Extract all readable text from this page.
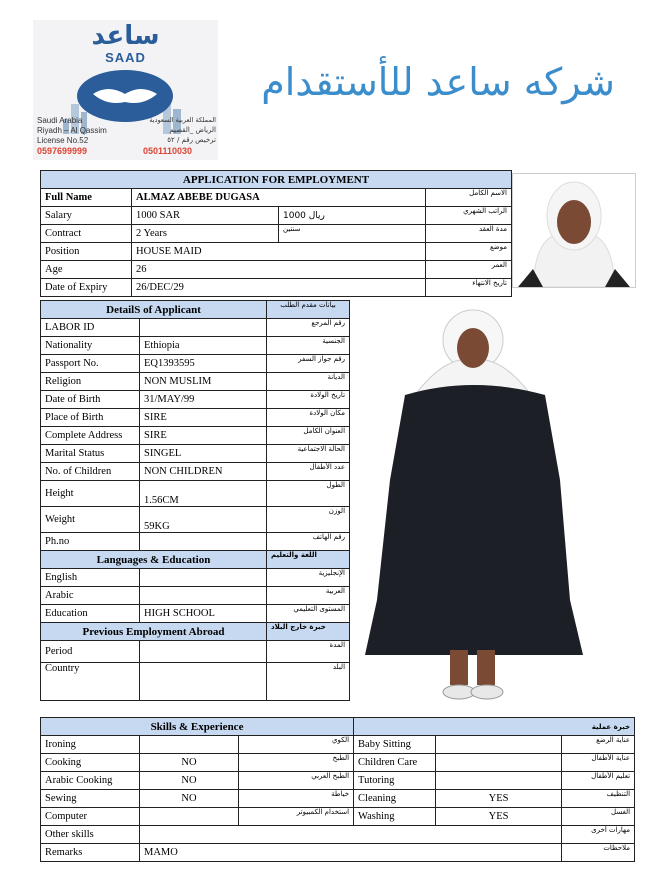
ساعد
SAAD
Saudi Arabia	المملكة العربية السعودية
Riyadh – Al Qassim	الرياض _القصيم
License No.52	ترخيص رقم / ٥٢
0597699999	0501110030
شركه ساعد للأستقدام
APPLICATION FOR EMPLOYMENT			
Full Name	ALMAZ ABEBE DUGASA		الاسم الكامل
Salary	1000 SAR	1000 ريال	الراتب الشهري
Contract	2 Years	سنتين	مدة العقد
Position	HOUSE MAID		موضع
Age	26		العمر
Date of Expiry	26/DEC/29		تاريخ الانتهاء
DetailS of Applicant		بيانات مقدم الطلب
LABOR ID		رقم المرجع
Nationality	Ethiopia	الجنسية
Passport No.	EQ1393595	رقم جواز السفر
Religion	NON MUSLIM	الديانة
Date of Birth	31/MAY/99	تاريخ الولادة
Place of Birth	SIRE	مكان الولادة
Complete Address	SIRE	العنوان الكامل
Marital Status	SINGEL	الحالة الاجتماعية
No. of Children	NON CHILDREN	عدد الأطفال
Height	1.56CM	الطول
Weight	59KG	الوزن
Ph.no		رقم الهاتف
Languages & Education		اللغة والتعليم
English		الإنجليزية
Arabic		العربية
Education	HIGH SCHOOL	المستوى التعليمي
Previous Employment Abroad		خبرة خارج البلاد
Period		المدة
Country		البلد
Skills & Experience			خبرة عملية		
Ironing		الكوي	Baby Sitting		عناية الرضع
Cooking	NO	الطبخ	Children Care		عناية الأطفال
Arabic Cooking	NO	الطبخ العربي	Tutoring		تعليم الأطفال
Sewing	NO	خياطة	Cleaning	YES	التنظيف
Computer		استخدام الكمبيوتر	Washing	YES	الغسل
Other skills					مهارات أخرى
Remarks	MAMO				ملاحظات
